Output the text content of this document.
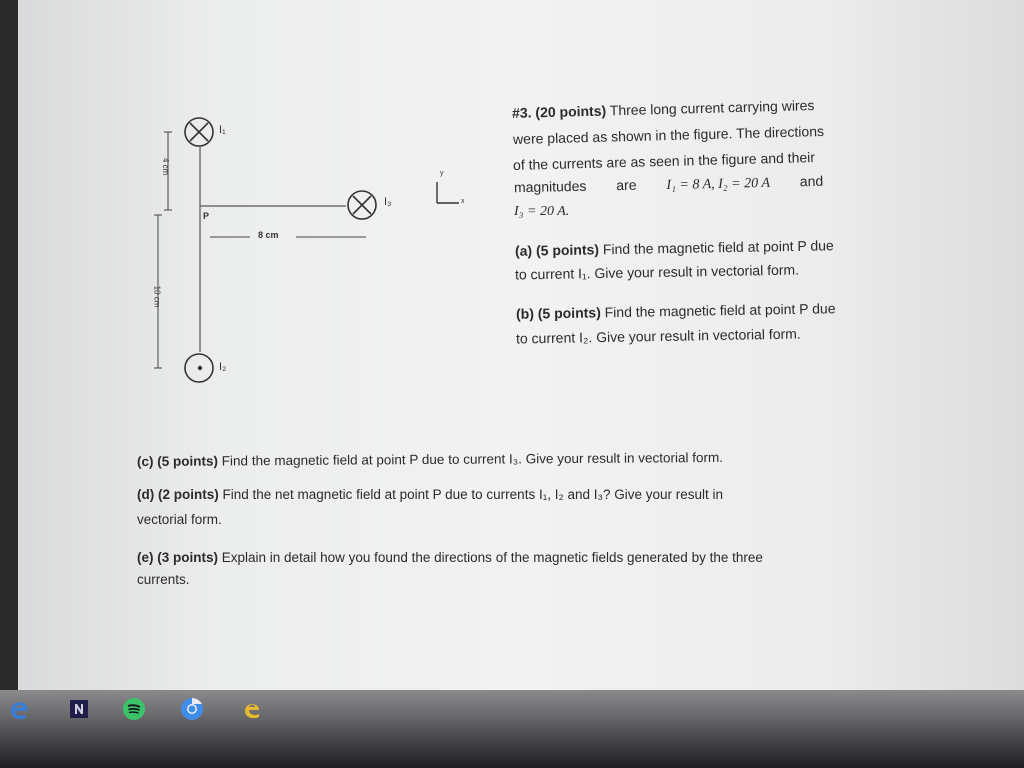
I₁
I₃
I₂
P
8 cm
4 cm
10 cm
y
x
#3. (20 points) Three long current carrying wires
were placed as shown in the figure. The directions
of the currents are as seen in the figure and their
magnitudes are I₁ = 8 A, I₂ = 20 A and
I₃ = 20 A.
(a) (5 points) Find the magnetic field at point P due
to current I₁. Give your result in vectorial form.
(b) (5 points) Find the magnetic field at point P due
to current I₂. Give your result in vectorial form.
(c) (5 points) Find the magnetic field at point P due to current I₃. Give your result in vectorial form.
(d) (2 points) Find the net magnetic field at point P due to currents I₁, I₂ and I₃? Give your result in
vectorial form.
(e) (3 points) Explain in detail how you found the directions of the magnetic fields generated by the three
currents.
